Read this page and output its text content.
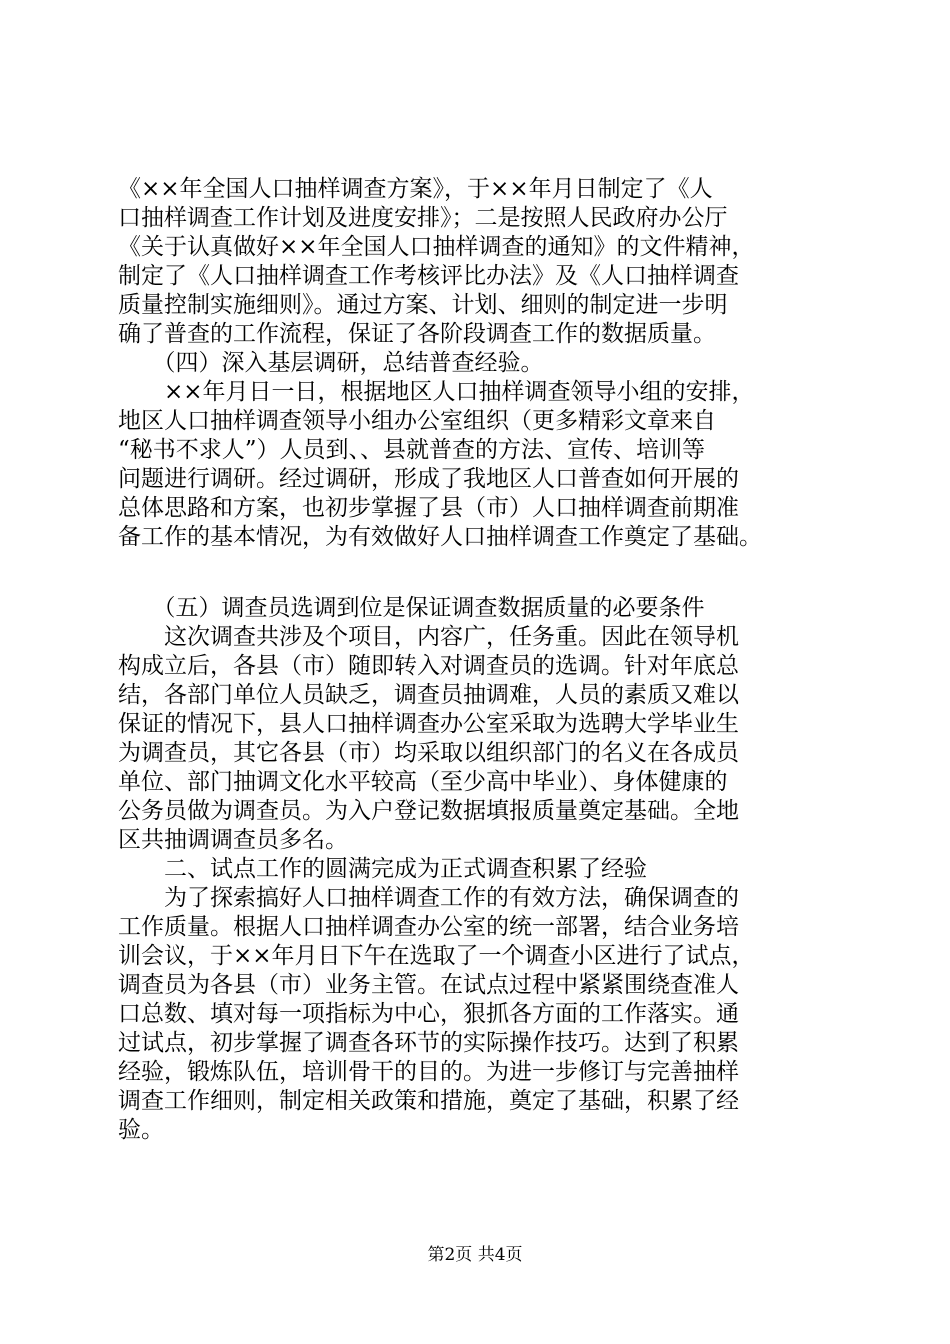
《××年全国人口抽样调查方案》，于××年月日制定了《人
口抽样调查工作计划及进度安排》；二是按照人民政府办公厅
《关于认真做好××年全国人口抽样调查的通知》的文件精神，
制定了《人口抽样调查工作考核评比办法》及《人口抽样调查
质量控制实施细则》。通过方案、计划、细则的制定进一步明
确了普查的工作流程，保证了各阶段调查工作的数据质量。
　　（四）深入基层调研，总结普查经验。
　　××年月日一日，根据地区人口抽样调查领导小组的安排，
地区人口抽样调查领导小组办公室组织（更多精彩文章来自
“秘书不求人”）人员到、、县就普查的方法、宣传、培训等
问题进行调研。经过调研，形成了我地区人口普查如何开展的
总体思路和方案，也初步掌握了县（市）人口抽样调查前期准
备工作的基本情况，为有效做好人口抽样调查工作奠定了基础。
　　（五）调查员选调到位是保证调查数据质量的必要条件
　　这次调查共涉及个项目，内容广，任务重。因此在领导机
构成立后，各县（市）随即转入对调查员的选调。针对年底总
结，各部门单位人员缺乏，调查员抽调难，人员的素质又难以
保证的情况下，县人口抽样调查办公室采取为选聘大学毕业生
为调查员，其它各县（市）均采取以组织部门的名义在各成员
单位、部门抽调文化水平较高（至少高中毕业）、身体健康的
公务员做为调查员。为入户登记数据填报质量奠定基础。全地
区共抽调调查员多名。
　　二、试点工作的圆满完成为正式调查积累了经验
　　为了探索搞好人口抽样调查工作的有效方法，确保调查的
工作质量。根据人口抽样调查办公室的统一部署，结合业务培
训会议，于××年月日下午在选取了一个调查小区进行了试点，
调查员为各县（市）业务主管。在试点过程中紧紧围绕查准人
口总数、填对每一项指标为中心，狠抓各方面的工作落实。通
过试点，初步掌握了调查各环节的实际操作技巧。达到了积累
经验，锻炼队伍，培训骨干的目的。为进一步修订与完善抽样
调查工作细则，制定相关政策和措施，奠定了基础，积累了经
验。
第2页 共4页
